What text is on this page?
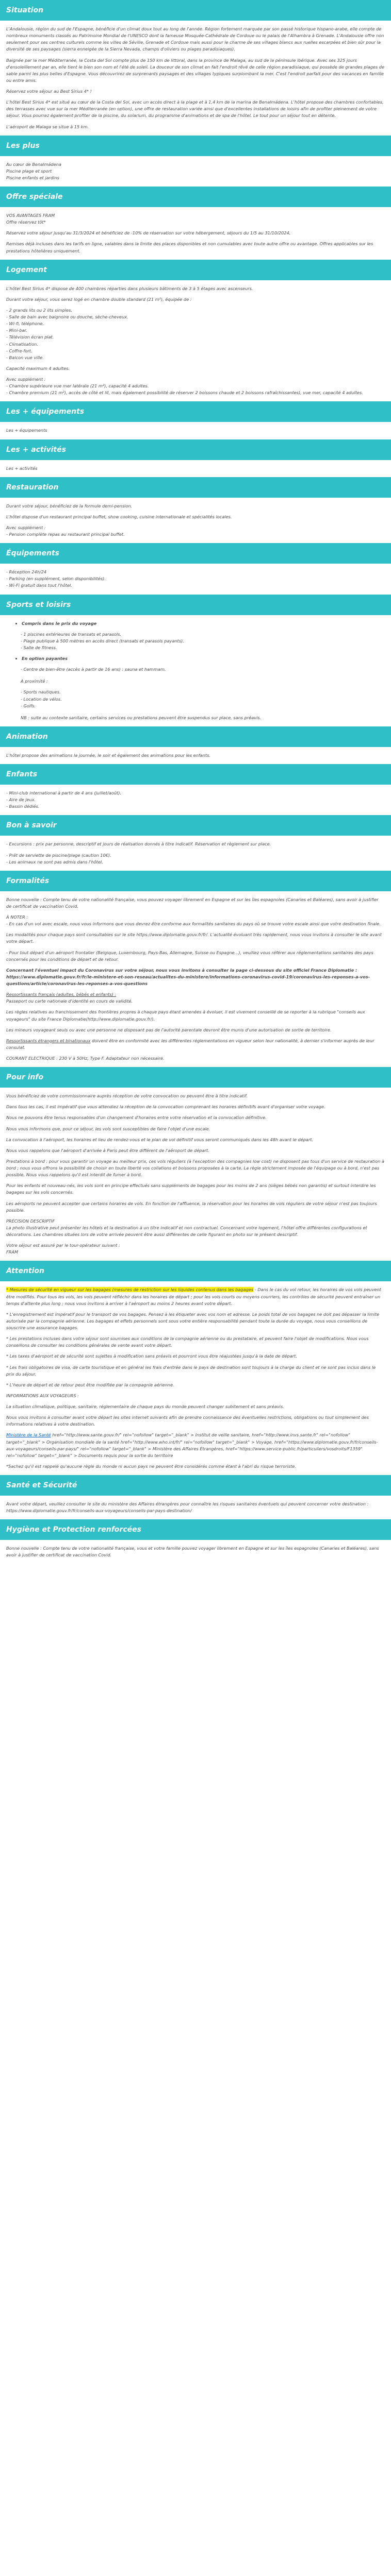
Situation

L'Andalousie, région du sud de l'Espagne, bénéficie d'un climat doux tout au long de l'année. Région fortement marquée par son passé historique hispano-arabe, elle compte de nombreux monuments classés au Patrimoine Mondial de l'UNESCO dont la fameuse Mosquée-Cathédrale de Cordoue ou le palais de l'Alhambra à Grenade. L'Andalousie offre non seulement pour ses centres culturels comme les villes de Séville, Grenade et Cordoue mais aussi pour le charme de ses villages blancs aux ruelles escarpées et bien sûr pour la diversité de ses paysages (sierra enneigée de la Sierra Nevada, champs d'oliviers ou plages paradisiaques).

Baignée par la mer Méditerranée, la Costa del Sol compte plus de 150 km de littoral, dans la province de Malaga, au sud de la péninsule ibérique. Avec ses 325 jours d'ensoleillement par an, elle tient le bien son nom et l'été de soleil. La douceur de son climat en fait l'endroit rêvé de celle région paradisiaque, qui possède de grandes plages de sable parmi les plus belles d'Espagne. Vous découvrirez de surprenants paysages et des villages typiques surplombant la mer. C'est l'endroit parfait pour des vacances en famille ou entre amis.

Réservez votre séjour au Best Sirius 4* !

L'hôtel Best Sirius 4* est situé au cœur de la Costa del Sol, avec un accès direct à la plage et à 1,4 km de la marina de Benalmádena. L'hôtel propose des chambres confortables, des terrasses avec vue sur la mer Méditerranée (en option), une offre de restauration variée ainsi que d'excellentes installations de loisirs afin de profiter pleinement de votre séjour. Vous pourrez également profiter de la piscine, du solarium, du programme d'animations et de spa de l'hôtel. Le tout pour un séjour tout en détente.

L'aéroport de Malaga se situe à 15 km.

Les plus
Au cœur de Benalmádena
Piscine plage et sport
Piscine enfants et jardins
Offre spéciale
VOS AVANTAGES FRAM

Offre réservez tôt*

Réservez votre séjour jusqu'au 31/3/2024 et bénéficiez de -10% de réservation sur votre hébergement, séjours du 1/5 au 31/10/2024.

Remises déjà incluses dans les tarifs en ligne, valables dans la limite des places disponibles et non cumulables avec toute autre offre ou avantage. Offres applicables sur les prestations hôtelières uniquement.

Logement

L'hôtel Best Sirius 4* dispose de 400 chambres réparties dans plusieurs bâtiments de 3 à 5 étages avec ascenseurs.

Durant votre séjour, vous serez logé en chambre double standard (21 m²), équipée de :

- 2 grands lits ou 2 lits simples.
- Salle de bain avec baignoire ou douche, sèche-cheveux.
- Wi-fi, téléphone.
- Mini-bar.
- Télévision écran plat.
- Climatisation.
- Coffre-fort.
- Balcon vue ville.

Capacité maximum 4 adultes.

Avec supplément :
- Chambre supérieure vue mer latérale (21 m²), capacité 4 adultes.
- Chambre premium (21 m²), accès de côté et lit, mais également possibilité de réserver 2 boissons chaude et 2 boissons rafraîchissantes), vue mer, capacité 4 adultes.

Les + équipements

Les + équipements

Les + activités

Les + activités

Restauration

Durant votre séjour, bénéficiez de la formule demi-pension.

L'hôtel dispose d'un restaurant principal buffet, show cooking, cuisine internationale et spécialités locales.

Avec supplément :
- Pension complète repas au restaurant principal buffet.

Équipements
- Réception 24h/24
- Parking (en supplément, selon disponibilités).
- Wi-Fi gratuit dans tout l'hôtel.
Sports et loisirs
• Compris dans le prix du voyage
- 1 piscines extérieures de transats et parasols.
- Plage publique à 500 mètres en accès direct (transats et parasols payants).
- Salle de fitness.
• En option payantes
- Centre de bien-être (accès à partir de 16 ans) : sauna et hammam.

A proximité :

- Sports nautiques.
- Location de vélos.
- Golfs.

NB : suite au contexte sanitaire, certains services ou prestations peuvent être suspendus sur place, sans préavis.

Animation

L'hôtel propose des animations la journée, le soir et également des animations pour les enfants.

Enfants
- Mini-club international à partir de 4 ans (juillet/août).
- Aire de jeux.
- Bassin dédiés.
Bon à savoir

- Excursions : prix par personne, descriptif et jours de réalisation donnés à titre indicatif. Réservation et règlement sur place.

- Prêt de serviette de piscine/plage (caution 10€).
- Les animaux ne sont pas admis dans l'hôtel.
Formalités

Bonne nouvelle : Compte tenu de votre nationalité française, vous pouvez voyager librement en Espagne et sur les îles espagnoles (Canaries et Baléares), sans avoir à justifier de certificat de vaccination Covid.

À NOTER :

- En cas d'un vol avec escale, nous vous informons que vous devrez être conforme aux formalités sanitaires du pays où se trouve votre escale ainsi que votre destination finale.

Les modalités pour chaque pays sont consultables sur le site https://www.diplomatie.gouv.fr/fr/. L'actualité évoluant très rapidement, nous vous invitons à consulter le site avant votre départ.

- Pour tout départ d'un aéroport frontalier (Belgique, Luxembourg, Pays-Bas, Allemagne, Suisse ou Espagne...), veuillez vous référer aux réglementations sanitaires des pays concernés pour les conditions de départ et de retour.

Concernant l'éventuel impact du Coronavirus sur votre séjour, nous vous invitons à consulter la page ci-dessous du site officiel France Diplomatie : https://www.diplomatie.gouv.fr/fr/le-ministere-et-son-reseau/actualites-du-ministere/informations-coronavirus-covid-19/coronavirus-les-reponses-a-vos-questions/article/coronavirus-les-reponses-a-vos-questions

Ressortissants français (adultes, bébés et enfants) :

Passeport ou carte nationale d'identité en cours de validité.

Les règles relatives au franchissement des frontières propres à chaque pays étant amenées à évoluer, il est vivement conseillé de se reporter à la rubrique "conseils aux voyageurs" du site France Diplomatie(http://www.diplomatie.gouv.fr/).

Les mineurs voyageant seuls ou avec une personne ne disposant pas de l'autorité parentale devront être munis d'une autorisation de sortie de territoire.

Ressortissants étrangers et binationaux doivent être en conformité avec les différentes réglementations en vigueur selon leur nationalité, à dernier s'informer auprès de leur consulat.

COURANT ELECTRIQUE : 230 V à 50Hz, Type F. Adaptateur non nécessaire.

Pour info

Vous bénéficiez de votre commissionnaire auprès réception de votre convocation ou peuvent être à titre indicatif.

Dans tous les cas, il est impératif que vous attendiez la réception de la convocation comprenant les horaires définitifs avant d'organiser votre voyage.

Nous ne pouvons être tenus responsables d'un changement d'horaires entre votre réservation et la convocation définitive.

Nous vous informons que, pour ce séjour, les vols sont susceptibles de faire l'objet d'une escale.

La convocation à l'aéroport, les horaires et lieu de rendez-vous et le plan de vol définitif vous seront communiqués dans les 48h avant le départ.

Nous vous rappelons que l'aéroport d'arrivée à Paris peut être différent de l'aéroport de départ.

Prestations à bord : pour vous garantir un voyage au meilleur prix, ces vols réguliers (à l'exception des compagnies low cost) ne disposent pas tous d'un service de restauration à bord ; nous vous offrons la possibilité de choisir en toute liberté vos collations et boissons proposées à la carte. La règle strictement imposée de l'équipage ou à bord, n'est pas possible. Nous vous rappelons qu'il est interdit de fumer à bord.

Pour les enfants et nouveau-nés, les vols sont en principe effectués sans suppléments de bagages pour les moins de 2 ans (sièges bébés non garantis) et surtout interdire les bagages sur les vols concernés.

Les aéroports ne peuvent accepter que certains horaires de vols. En fonction de l'affluence, la réservation pour les horaires de vols réguliers de votre séjour n'est pas toujours possible.

PRÉCISION DESCRIPTIF

La photo illustrative peut présenter les hôtels et la destination à un titre indicatif et non contractuel. Concernant votre logement, l'hôtel offre différentes configurations et décorations. Les chambres situées lors de votre arrivée peuvent être aussi différentes de celle figurant en photo sur le présent descriptif.

Votre séjour est assuré par le tour-opérateur suivant :

FRAM

Attention

* Mesures de sécurité en vigueur sur les bagages (mesures de restriction sur les liquides contenus dans les bagages - Dans le cas du vol retour, les horaires de vos vols peuvent être modifiés. Pour tous les vols, les vols peuvent réfléchir dans les horaires de départ ; pour les vols courts ou moyens courriers, les contrôles de sécurité peuvent entraîner un temps d'attente plus long ; nous vous invitons à arriver à l'aéroport au moins 2 heures avant votre départ.

* L'enregistrement est impératif pour le transport de vos bagages. Pensez à les étiqueter avec vos nom et adresse. Le poids total de vos bagages ne doit pas dépasser la limite autorisée par la compagnie aérienne. Les bagages et effets personnels sont sous votre entière responsabilité pendant toute la durée du voyage, nous vous conseillons de souscrire une assurance bagages.

* Les prestations incluses dans votre séjour sont soumises aux conditions de la compagnie aérienne ou du prestataire, et peuvent faire l'objet de modifications. Nous vous conseillons de consulter les conditions générales de vente avant votre départ.

* Les taxes d'aéroport et de sécurité sont sujettes à modification sans préavis et pourront vous être réajustées jusqu'à la date de départ.

* Les frais obligatoires de visa, de carte touristique et en général les frais d'entrée dans le pays de destination sont toujours à la charge du client et ne sont pas inclus dans le prix du séjour.

* L'heure de départ et de retour peut être modifiée par la compagnie aérienne.

INFORMATIONS AUX VOYAGEURS :

La situation climatique, politique, sanitaire, réglementaire de chaque pays du monde peuvent changer subitement et sans préavis.

Nous vous invitons à consulter avant votre départ les sites internet suivants afin de prendre connaissance des éventuelles restrictions, obligations ou tout simplement des informations relatives à votre destination.

Ministère de la Santé href="http://www.sante.gouv.fr/" rel="nofollow" target="_blank" > Institut de veille sanitaire, href="http://www.invs.sante.fr" rel="nofollow" target="_blank" > Organisation mondiale de la santé href="http://www.who.int/fr/" rel="nofollow" target="_blank" > Voyage, href="https://www.diplomatie.gouv.fr/fr/conseils-aux-voyageurs/conseils-par-pays/" rel="nofollow" target="_blank" > Ministère des Affaires Étrangères, href="https://www.service-public.fr/particuliers/vosdroits/F1359" rel="nofollow" target="_blank" > Documents requis pour la sortie du territoire

*Sachez qu'il est rappelé qu'aucune règle du monde ni aucun pays ne peuvent être considérés comme étant à l'abri du risque terroriste.

Santé et Sécurité

Avant votre départ, veuillez consulter le site du ministère des Affaires étrangères pour connaître les risques sanitaires éventuels qui peuvent concerner votre destination : https://www.diplomatie.gouv.fr/fr/conseils-aux-voyageurs/conseils-par-pays-destination/

Hygiène et Protection renforcées

Bonne nouvelle : Compte tenu de votre nationalité française, vous et votre famille pouvez voyager librement en Espagne et sur les îles espagnoles (Canaries et Baléares), sans avoir à justifier de certificat de vaccination Covid.
